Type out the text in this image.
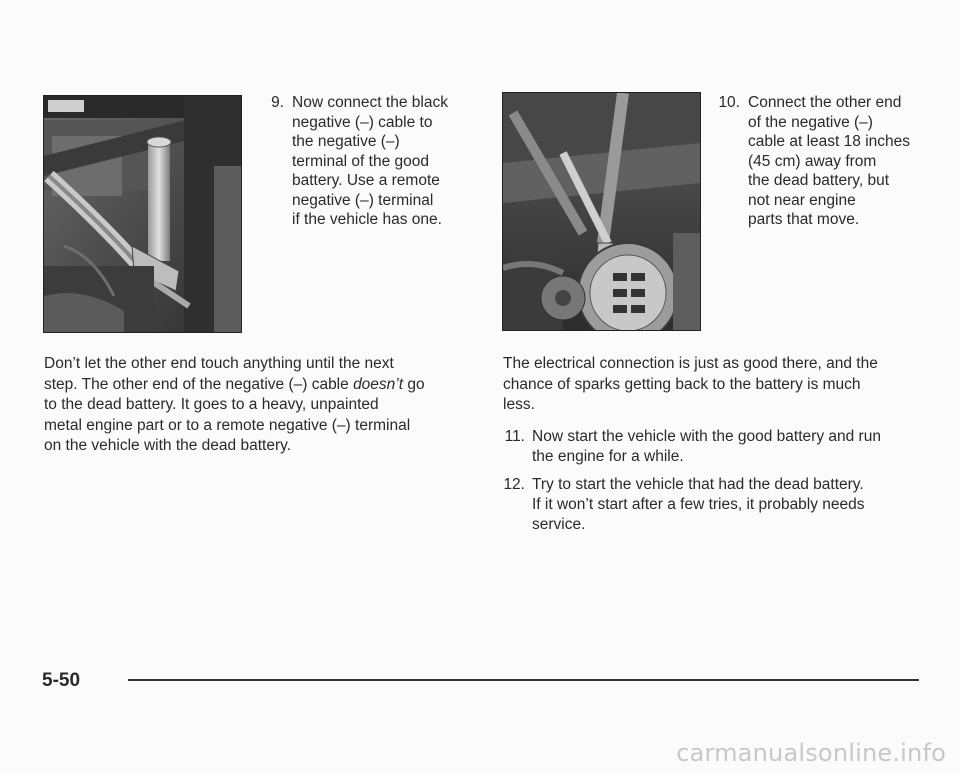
9. Now connect the black
negative (–) cable to
the negative (–)
terminal of the good
battery. Use a remote
negative (–) terminal
if the vehicle has one.
10. Connect the other end
of the negative (–)
cable at least 18 inches
(45 cm) away from
the dead battery, but
not near engine
parts that move.
Don’t let the other end touch anything until the next
step. The other end of the negative (–) cable doesn’t go
to the dead battery. It goes to a heavy, unpainted
metal engine part or to a remote negative (–) terminal
on the vehicle with the dead battery.
The electrical connection is just as good there, and the
chance of sparks getting back to the battery is much
less.
11. Now start the vehicle with the good battery and run
the engine for a while.
12. Try to start the vehicle that had the dead battery.
If it won’t start after a few tries, it probably needs
service.
5-50
carmanualsonline.info
